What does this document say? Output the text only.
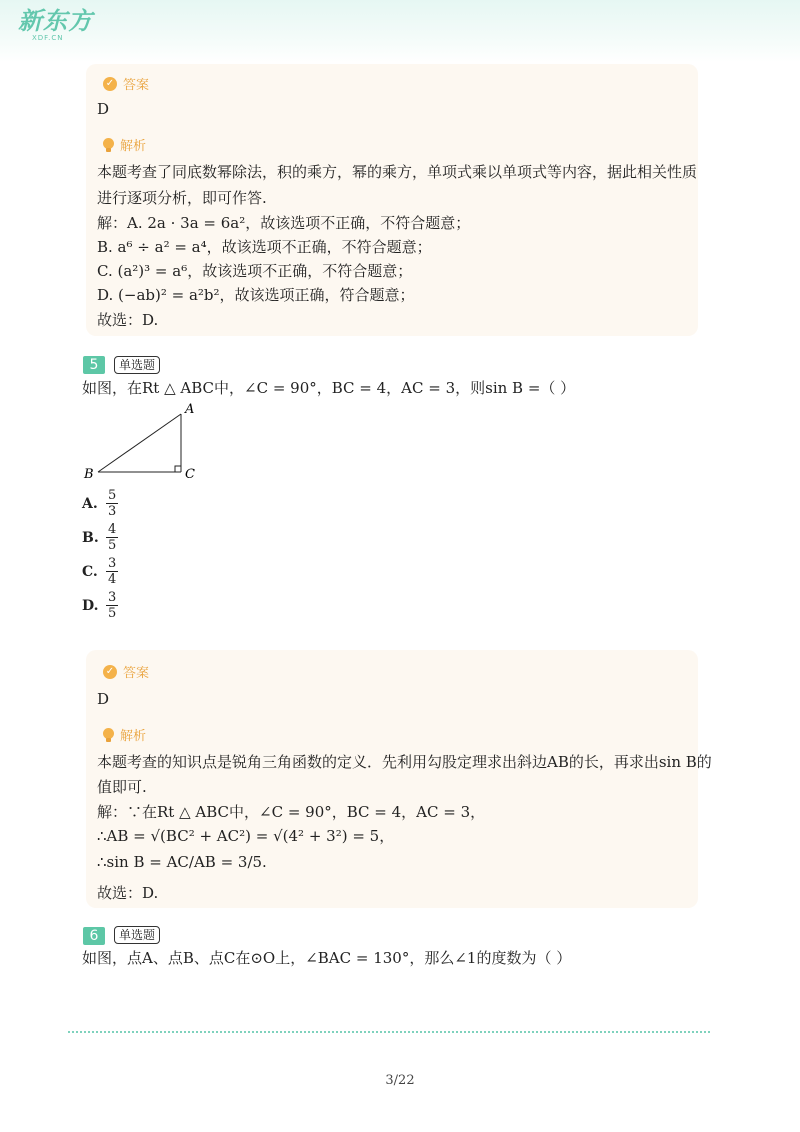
新东方
XDF.CN
✓ 答案
D
解析
本题考查了同底数幂除法，积的乘方，幂的乘方，单项式乘以单项式等内容，据此相关性质
进行逐项分析，即可作答.
解：A. 2a · 3a = 6a²，故该选项不正确，不符合题意；
B. a⁶ ÷ a² = a⁴，故该选项不正确，不符合题意；
C. (a²)³ = a⁶，故该选项不正确，不符合题意；
D. (−ab)² = a²b²，故该选项正确，符合题意；
故选：D.
5	单选题
如图，在Rt △ ABC中，∠C = 90°，BC = 4，AC = 3，则sin B =（ ）
A
B	C
A. $\frac{5}{3}$
B. $\frac{4}{5}$
C. $\frac{3}{4}$
D. $\frac{3}{5}$
✓ 答案
D
解析
本题考查的知识点是锐角三角函数的定义．先利用勾股定理求出斜边AB的长，再求出sin B的
值即可.
解：∵在Rt △ ABC中，∠C = 90°，BC = 4，AC = 3，
∴AB = √(BC² + AC²) = √(4² + 3²) = 5，
∴sin B = AC/AB = 3/5.
故选：D.
6	单选题
如图，点A、点B、点C在⊙O上，∠BAC = 130°，那么∠1的度数为（ ）
3/22
